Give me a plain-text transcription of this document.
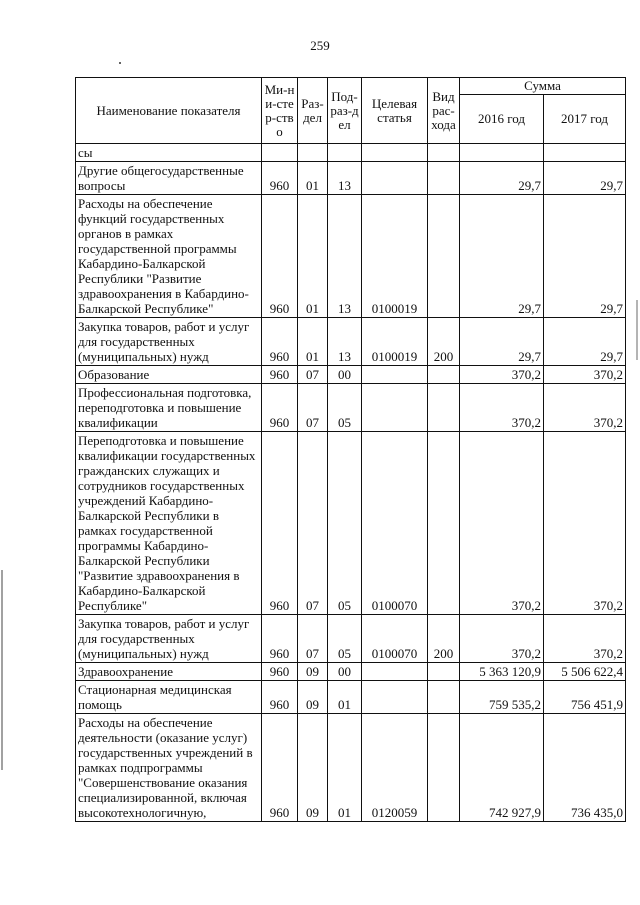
259
Наименование показателя	Ми-ни-стер-ство	Раз-дел	Под-раз-дел	Целевая статья	Вид рас-хода	Сумма	
						2016 год	2017 год
сы							
Другие общегосударственные вопросы	960	01	13			29,7	29,7
Расходы на обеспечение функций государственных органов в рамках государственной программы Кабардино-Балкарской Республики "Развитие здравоохранения в Кабардино-Балкарской Республике"	960	01	13	0100019		29,7	29,7
Закупка товаров, работ и услуг для государственных (муниципальных) нужд	960	01	13	0100019	200	29,7	29,7
Образование	960	07	00			370,2	370,2
Профессиональная подготовка, переподготовка и повышение квалификации	960	07	05			370,2	370,2
Переподготовка и повышение квалификации государственных гражданских служащих и сотрудников государственных учреждений Кабардино-Балкарской Республики в рамках государственной программы Кабардино-Балкарской Республики "Развитие здравоохранения в Кабардино-Балкарской Республике"	960	07	05	0100070		370,2	370,2
Закупка товаров, работ и услуг для государственных (муниципальных) нужд	960	07	05	0100070	200	370,2	370,2
Здравоохранение	960	09	00			5 363 120,9	5 506 622,4
Стационарная медицинская помощь	960	09	01			759 535,2	756 451,9
Расходы на обеспечение деятельности (оказание услуг) государственных учреждений в рамках подпрограммы "Совершенствование оказания специализированной, включая высокотехнологичную,	960	09	01	0120059		742 927,9	736 435,0
